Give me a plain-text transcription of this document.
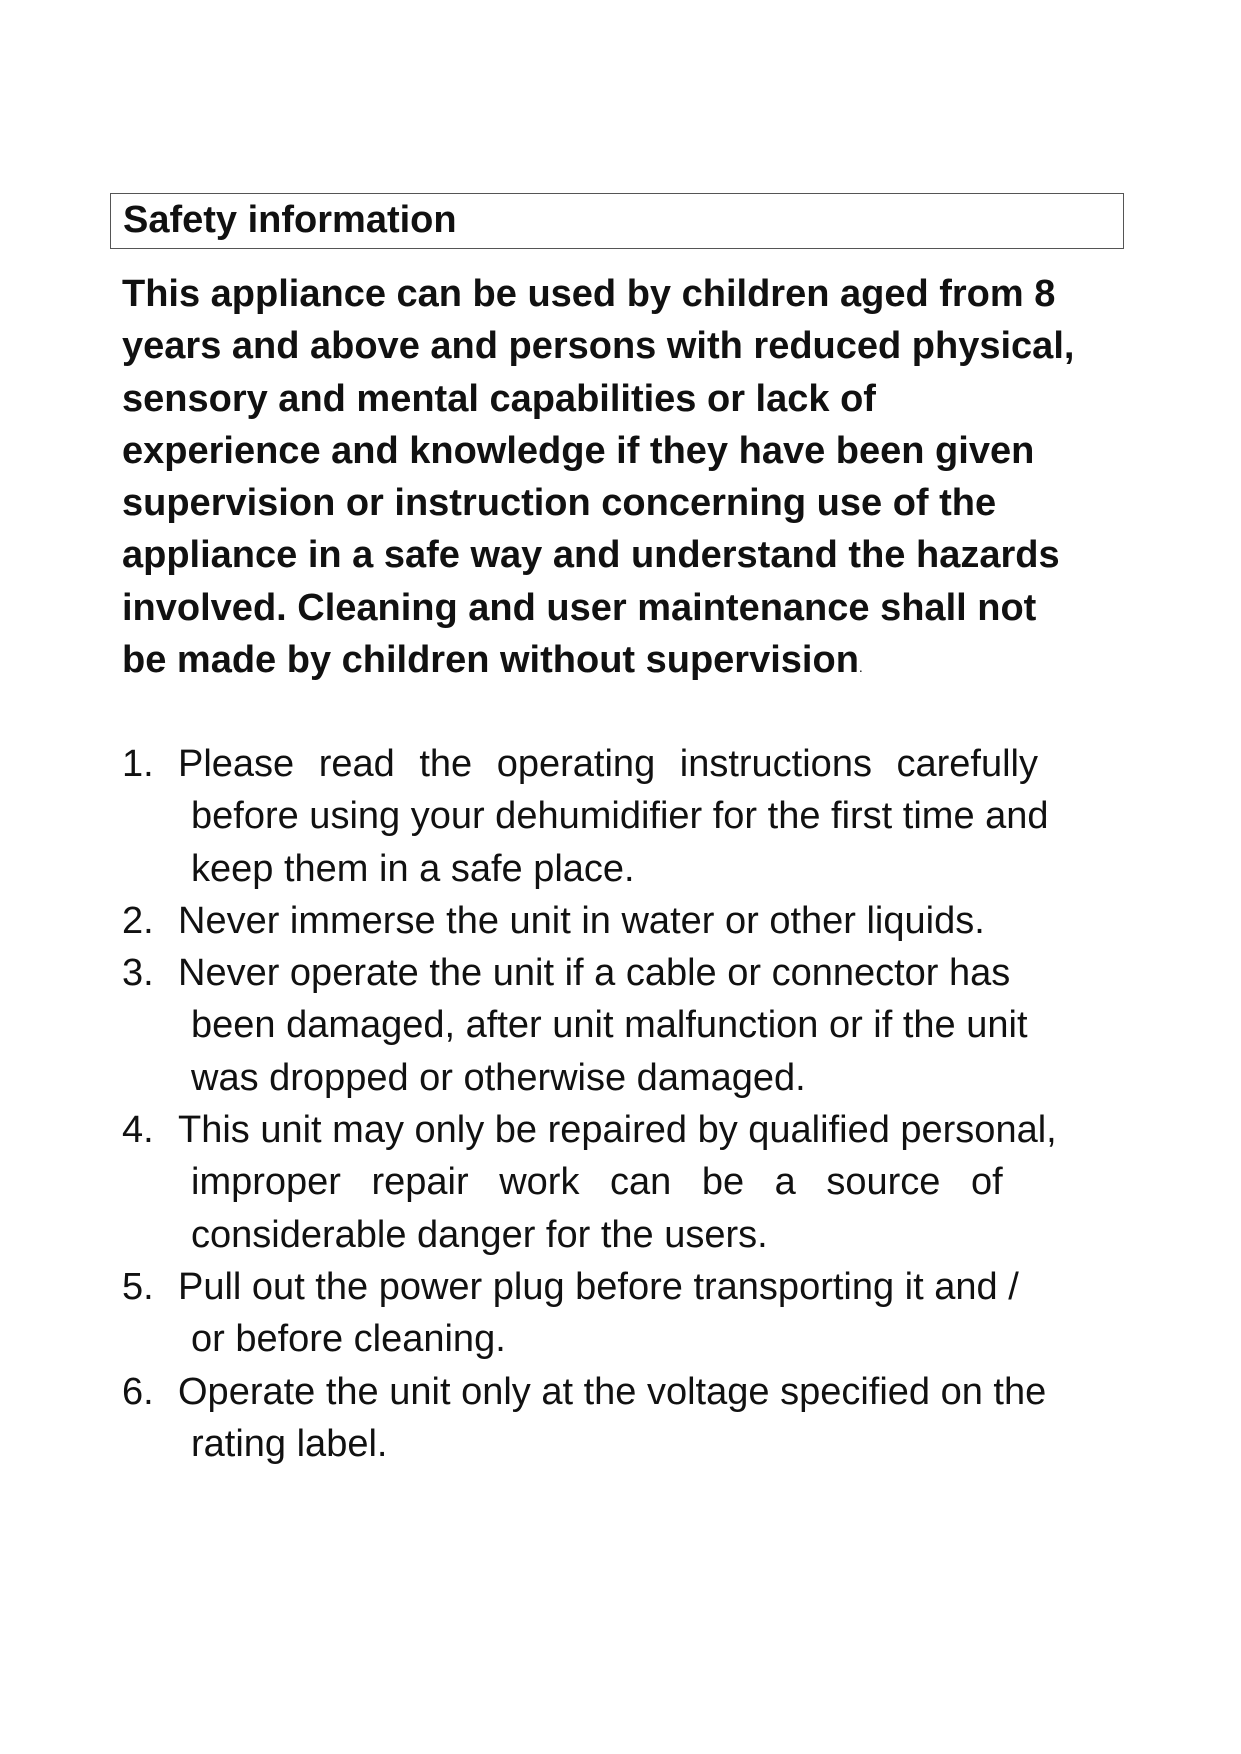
Safety information
This appliance can be used by children aged from 8
years and above and persons with reduced physical,
sensory and mental capabilities or lack of
experience and knowledge if they have been given
supervision or instruction concerning use of the
appliance in a safe way and understand the hazards
involved. Cleaning and user maintenance shall not
be made by children without supervision.
1. Please read the operating instructions carefully
before using your dehumidifier for the first time and
keep them in a safe place.
2. Never immerse the unit in water or other liquids.
3. Never operate the unit if a cable or connector has
been damaged, after unit malfunction or if the unit
was dropped or otherwise damaged.
4. This unit may only be repaired by qualified personal,
improper repair work can be a source of
considerable danger for the users.
5. Pull out the power plug before transporting it and /
or before cleaning.
6. Operate the unit only at the voltage specified on the
rating label.
